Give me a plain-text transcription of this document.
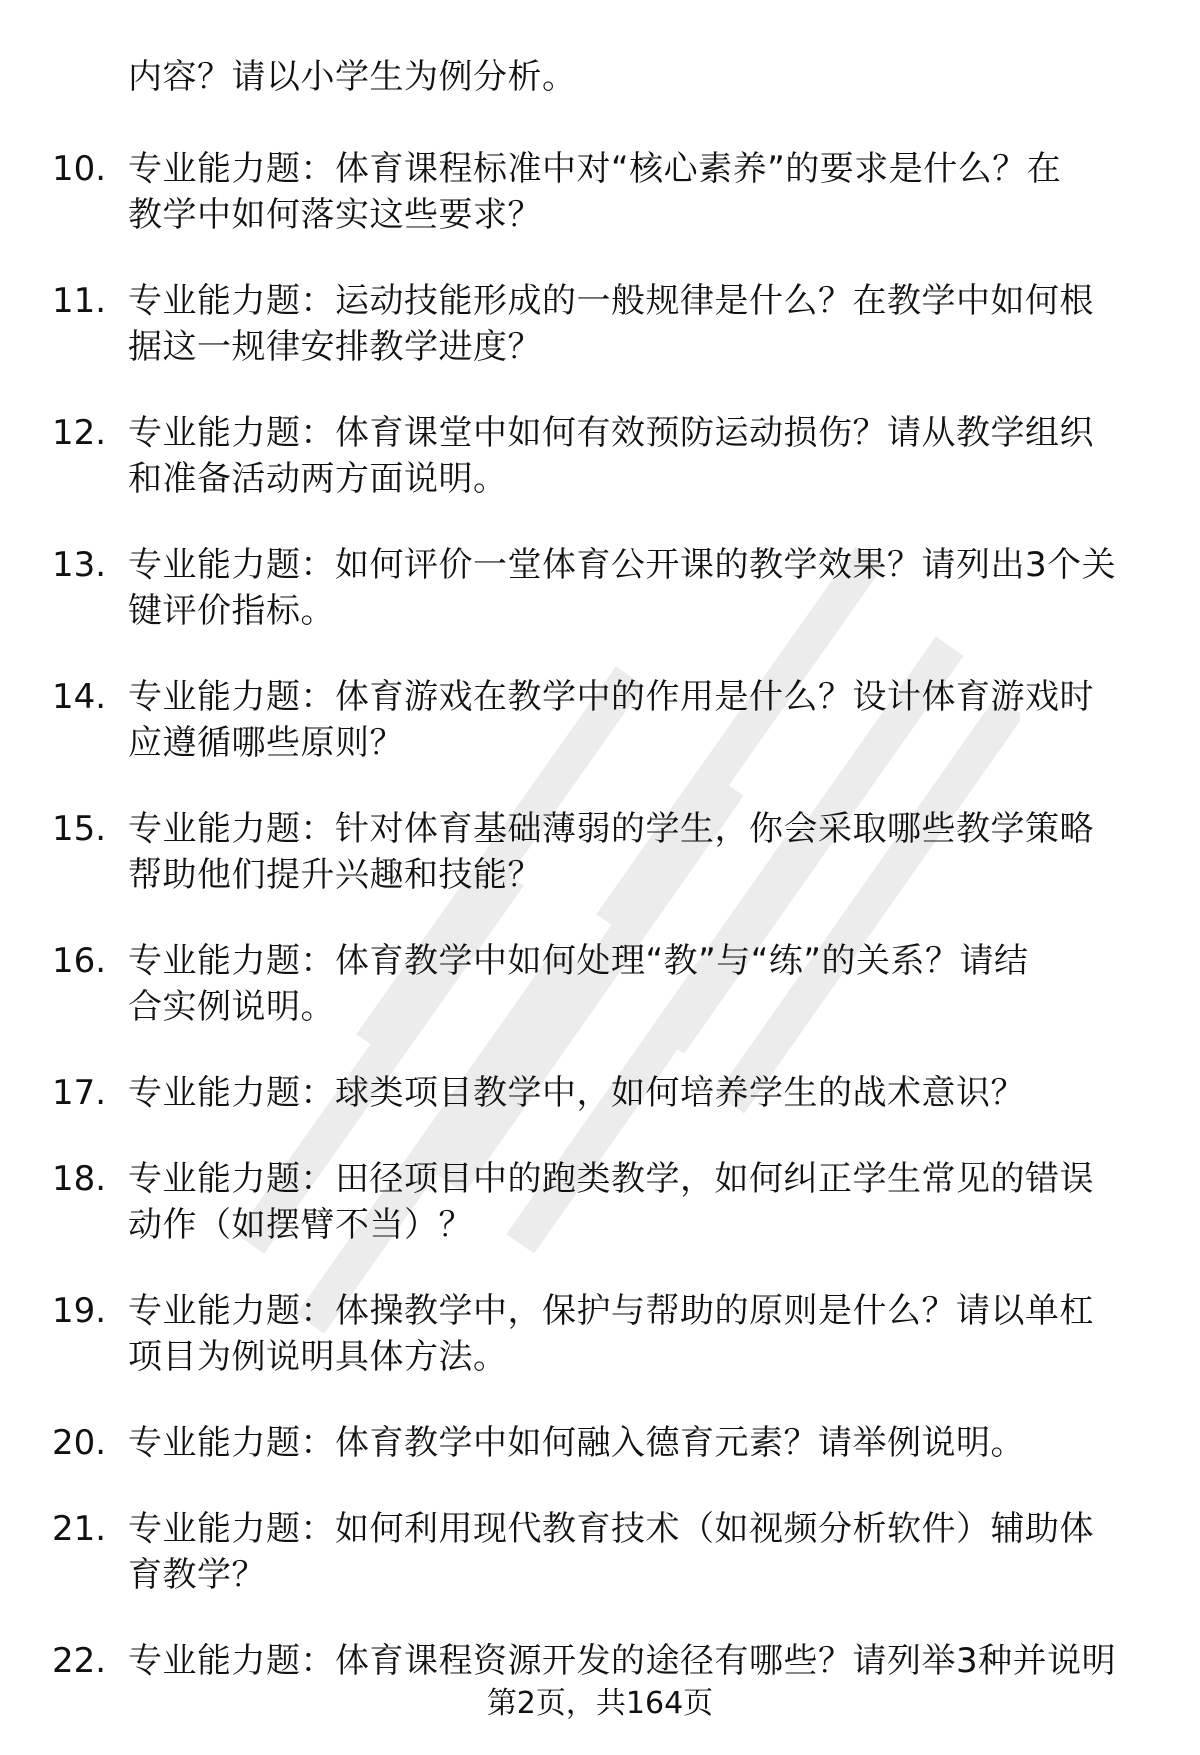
内容？请以小学生为例分析。
10. 专业能力题：体育课程标准中对“核心素养”的要求是什么？在
教学中如何落实这些要求？
11. 专业能力题：运动技能形成的一般规律是什么？在教学中如何根
据这一规律安排教学进度？
12. 专业能力题：体育课堂中如何有效预防运动损伤？请从教学组织
和准备活动两方面说明。
13. 专业能力题：如何评价一堂体育公开课的教学效果？请列出3个关
键评价指标。
14. 专业能力题：体育游戏在教学中的作用是什么？设计体育游戏时
应遵循哪些原则？
15. 专业能力题：针对体育基础薄弱的学生，你会采取哪些教学策略
帮助他们提升兴趣和技能？
16. 专业能力题：体育教学中如何处理“教”与“练”的关系？请结
合实例说明。
17. 专业能力题：球类项目教学中，如何培养学生的战术意识？
18. 专业能力题：田径项目中的跑类教学，如何纠正学生常见的错误
动作（如摆臂不当）？
19. 专业能力题：体操教学中，保护与帮助的原则是什么？请以单杠
项目为例说明具体方法。
20. 专业能力题：体育教学中如何融入德育元素？请举例说明。
21. 专业能力题：如何利用现代教育技术（如视频分析软件）辅助体
育教学？
22. 专业能力题：体育课程资源开发的途径有哪些？请列举3种并说明
第2页，共164页
